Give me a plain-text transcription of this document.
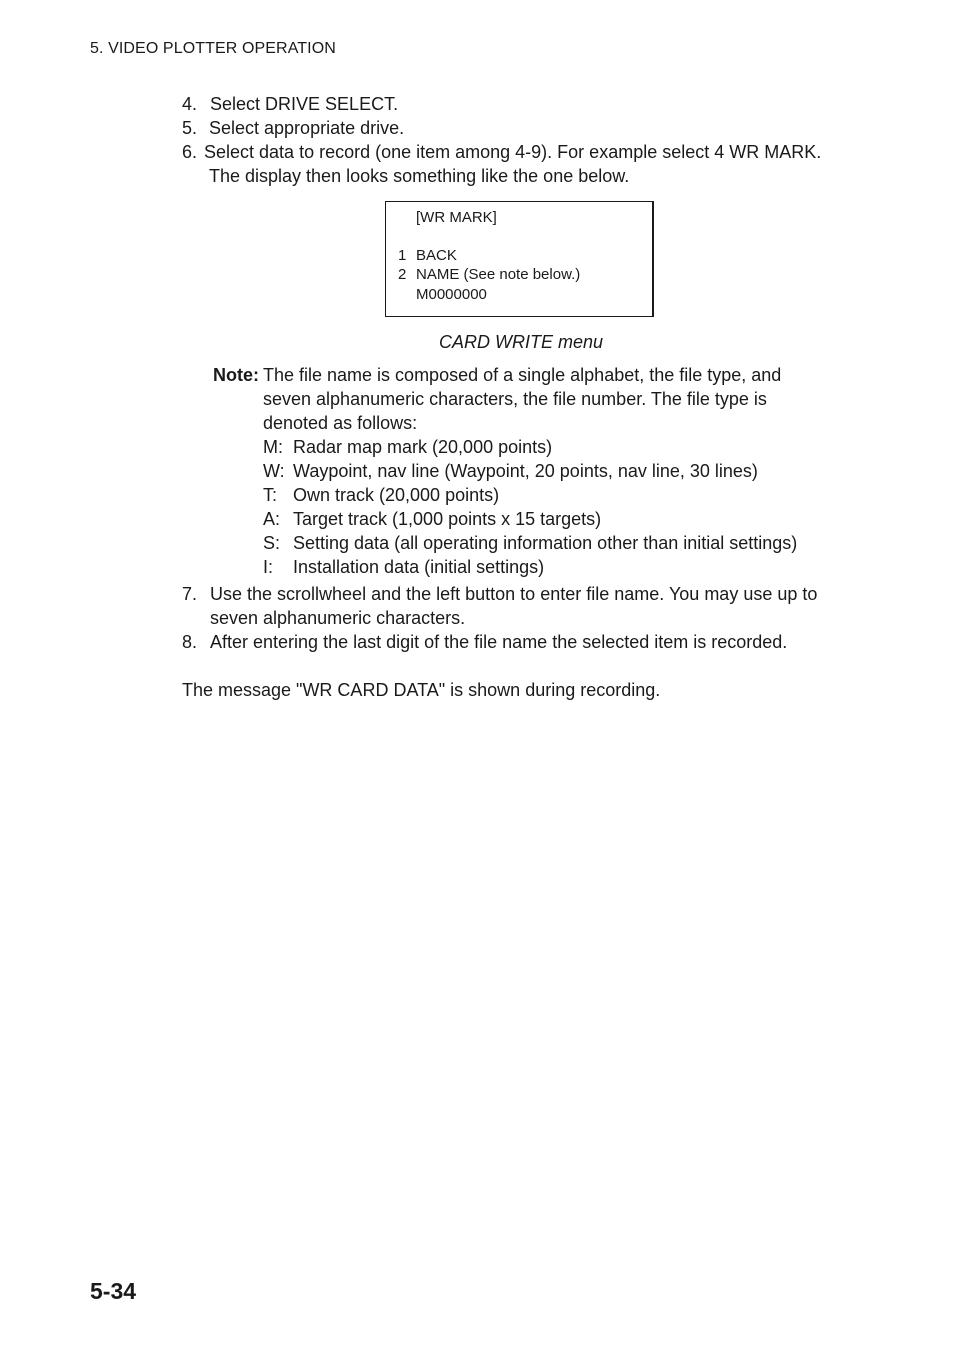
5. VIDEO PLOTTER OPERATION
4. Select DRIVE SELECT.
5. Select appropriate drive.
6. Select data to record (one item among 4-9). For example select 4 WR MARK.
The display then looks something like the one below.
[WR MARK]
1 BACK
2 NAME (See note below.)
M0000000
CARD WRITE menu
Note: The file name is composed of a single alphabet, the file type, and
seven alphanumeric characters, the file number. The file type is
denoted as follows:
M: Radar map mark (20,000 points)
W: Waypoint, nav line (Waypoint, 20 points, nav line, 30 lines)
T: Own track (20,000 points)
A: Target track (1,000 points x 15 targets)
S: Setting data (all operating information other than initial settings)
I: Installation data (initial settings)
7. Use the scrollwheel and the left button to enter file name. You may use up to
seven alphanumeric characters.
8. After entering the last digit of the file name the selected item is recorded.
The message "WR CARD DATA" is shown during recording.
5-34
